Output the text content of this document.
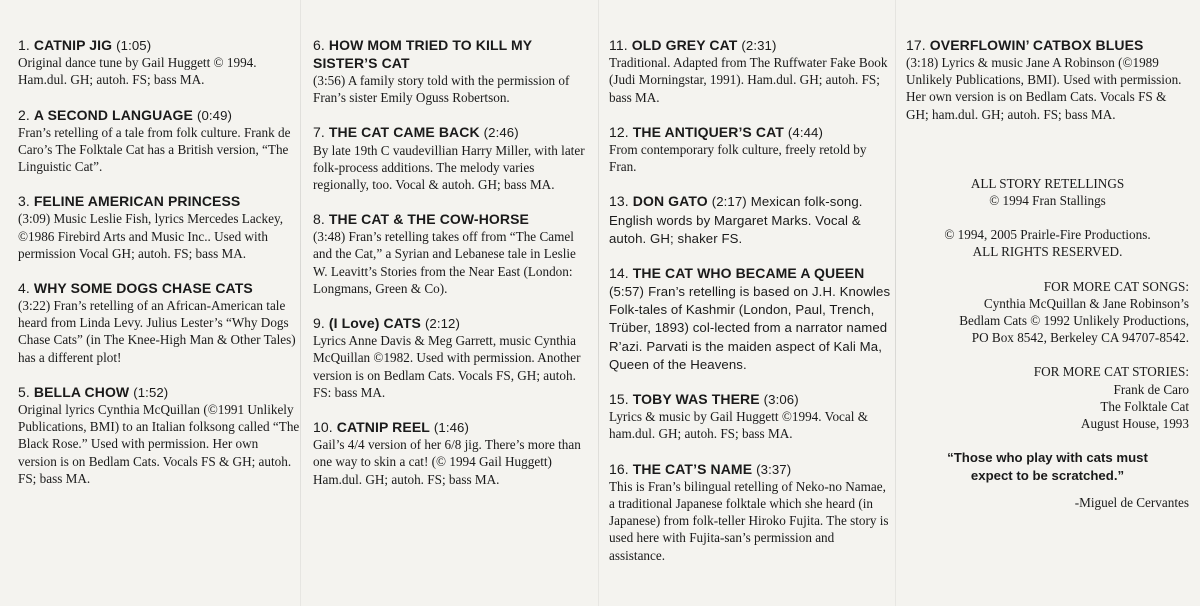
1. CATNIP JIG (1:05)
Original dance tune by Gail Huggett © 1994. Ham.dul. GH; autoh. FS; bass MA.
2. A SECOND LANGUAGE (0:49)
Fran’s retelling of a tale from folk culture. Frank de Caro’s The Folktale Cat has a British version, “The Linguistic Cat”.
3. FELINE AMERICAN PRINCESS
(3:09) Music Leslie Fish, lyrics Mercedes Lackey, ©1986 Firebird Arts and Music Inc.. Used with permission Vocal GH; autoh. FS; bass MA.
4. WHY SOME DOGS CHASE CATS
(3:22) Fran’s retelling of an African-American tale heard from Linda Levy. Julius Lester’s “Why Dogs Chase Cats” (in The Knee-High Man & Other Tales) has a different plot!
5. BELLA CHOW (1:52)
Original lyrics Cynthia McQuillan (©1991 Unlikely Publications, BMI) to an Italian folksong called “The Black Rose.” Used with permission. Her own version is on Bedlam Cats. Vocals FS & GH; autoh. FS; bass MA.
6. HOW MOM TRIED TO KILL MY SISTER’S CAT
(3:56) A family story told with the permission of Fran’s sister Emily Oguss Robertson.
7. THE CAT CAME BACK (2:46)
By late 19th C vaudevillian Harry Miller, with later folk-process additions. The melody varies regionally, too. Vocal & autoh. GH; bass MA.
8. THE CAT & THE COW-HORSE
(3:48) Fran’s retelling takes off from “The Camel and the Cat,” a Syrian and Lebanese tale in Leslie W. Leavitt’s Stories from the Near East (London: Longmans, Green & Co).
9. (I Love) CATS (2:12)
Lyrics Anne Davis & Meg Garrett, music Cynthia McQuillan ©1982. Used with permission. Another version is on Bedlam Cats. Vocals FS, GH; autoh. FS: bass MA.
10. CATNIP REEL (1:46)
Gail’s 4/4 version of her 6/8 jig. There’s more than one way to skin a cat! (© 1994 Gail Huggett) Ham.dul. GH; autoh. FS; bass MA.
11. OLD GREY CAT (2:31)
Traditional. Adapted from The Ruffwater Fake Book (Judi Morningstar, 1991). Ham.dul. GH; autoh. FS; bass MA.
12. THE ANTIQUER’S CAT (4:44)
From contemporary folk culture, freely retold by Fran.
13. DON GATO (2:17) Mexican folk-song. English words by Margaret Marks. Vocal & autoh. GH; shaker FS.
14. THE CAT WHO BECAME A QUEEN (5:57) Fran’s retelling is based on J.H. Knowles Folk-tales of Kashmir (London, Paul, Trench, Trüber, 1893) col-lected from a narrator named R’azi. Parvati is the maiden aspect of Kali Ma, Queen of the Heavens.
15. TOBY WAS THERE (3:06)
Lyrics & music by Gail Huggett ©1994. Vocal & ham.dul. GH; autoh. FS; bass MA.
16. THE CAT’S NAME (3:37)
This is Fran’s bilingual retelling of Neko-no Namae, a traditional Japanese folktale which she heard (in Japanese) from folk-teller Hiroko Fujita. The story is used here with Fujita-san’s permission and assistance.
17. OVERFLOWIN’ CATBOX BLUES
(3:18) Lyrics & music Jane A Robinson (©1989 Unlikely Publications, BMI). Used with permission. Her own version is on Bedlam Cats. Vocals FS & GH; ham.dul. GH; autoh. FS; bass MA.
ALL STORY RETELLINGS
© 1994 Fran Stallings
© 1994, 2005 Prairle-Fire Productions.
ALL RIGHTS RESERVED.
FOR MORE CAT SONGS:
Cynthia McQuillan & Jane Robinson’s
Bedlam Cats © 1992 Unlikely Productions,
PO Box 8542, Berkeley CA 94707-8542.
FOR MORE CAT STORIES:
Frank de Caro
The Folktale Cat
August House, 1993
“Those who play with cats must
expect to be scratched.”
-Miguel de Cervantes
